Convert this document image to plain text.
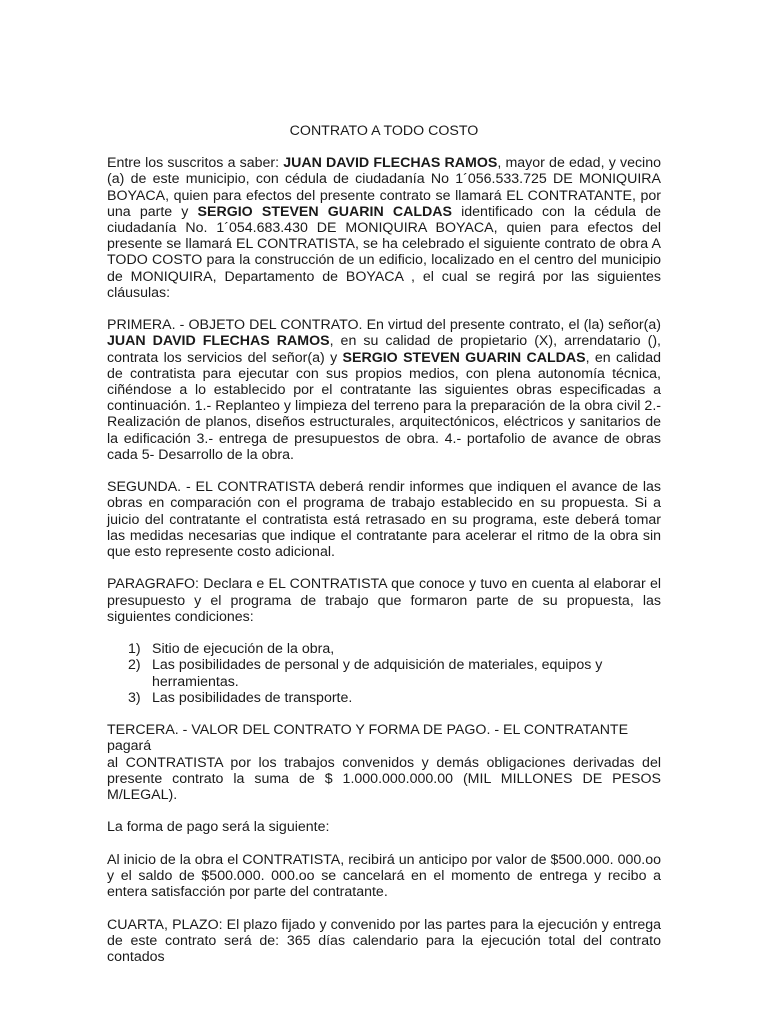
CONTRATO A TODO COSTO

Entre los suscritos a saber: JUAN DAVID FLECHAS RAMOS, mayor de edad, y vecino (a) de este municipio, con cédula de ciudadanía No 1´056.533.725 DE MONIQUIRA BOYACA, quien para efectos del presente contrato se llamará EL CONTRATANTE, por una parte y SERGIO STEVEN GUARIN CALDAS identificado con la cédula de ciudadanía No. 1´054.683.430 DE MONIQUIRA BOYACA, quien para efectos del presente se llamará EL CONTRATISTA, se ha celebrado el siguiente contrato de obra A TODO COSTO para la construcción de un edificio, localizado en el centro del municipio de MONIQUIRA, Departamento de BOYACA , el cual se regirá por las siguientes cláusulas:

PRIMERA. - OBJETO DEL CONTRATO. En virtud del presente contrato, el (la) señor(a) JUAN DAVID FLECHAS RAMOS, en su calidad de propietario (X), arrendatario (), contrata los servicios del señor(a) y SERGIO STEVEN GUARIN CALDAS, en calidad de contratista para ejecutar con sus propios medios, con plena autonomía técnica, ciñéndose a lo establecido por el contratante las siguientes obras especificadas a continuación. 1.- Replanteo y limpieza del terreno para la preparación de la obra civil 2.- Realización de planos, diseños estructurales, arquitectónicos, eléctricos y sanitarios de la edificación 3.- entrega de presupuestos de obra. 4.- portafolio de avance de obras cada 5- Desarrollo de la obra.

SEGUNDA. - EL CONTRATISTA deberá rendir informes que indiquen el avance de las obras en comparación con el programa de trabajo establecido en su propuesta. Si a juicio del contratante el contratista está retrasado en su programa, este deberá tomar las medidas necesarias que indique el contratante para acelerar el ritmo de la obra sin que esto represente costo adicional.

PARAGRAFO: Declara e EL CONTRATISTA que conoce y tuvo en cuenta al elaborar el presupuesto y el programa de trabajo que formaron parte de su propuesta, las siguientes condiciones:

1) Sitio de ejecución de la obra,
2) Las posibilidades de personal y de adquisición de materiales, equipos y herramientas.
3) Las posibilidades de transporte.
TERCERA. - VALOR DEL CONTRATO Y FORMA DE PAGO. - EL CONTRATANTE pagará

al CONTRATISTA por los trabajos convenidos y demás obligaciones derivadas del presente contrato la suma de $ 1.000.000.000.00 (MIL MILLONES DE PESOS M/LEGAL).

La forma de pago será la siguiente:

Al inicio de la obra el CONTRATISTA, recibirá un anticipo por valor de $500.000. 000.oo y el saldo de $500.000. 000.oo se cancelará en el momento de entrega y recibo a entera satisfacción por parte del contratante.

CUARTA, PLAZO: El plazo fijado y convenido por las partes para la ejecución y entrega de este contrato será de: 365 días calendario para la ejecución total del contrato contados
